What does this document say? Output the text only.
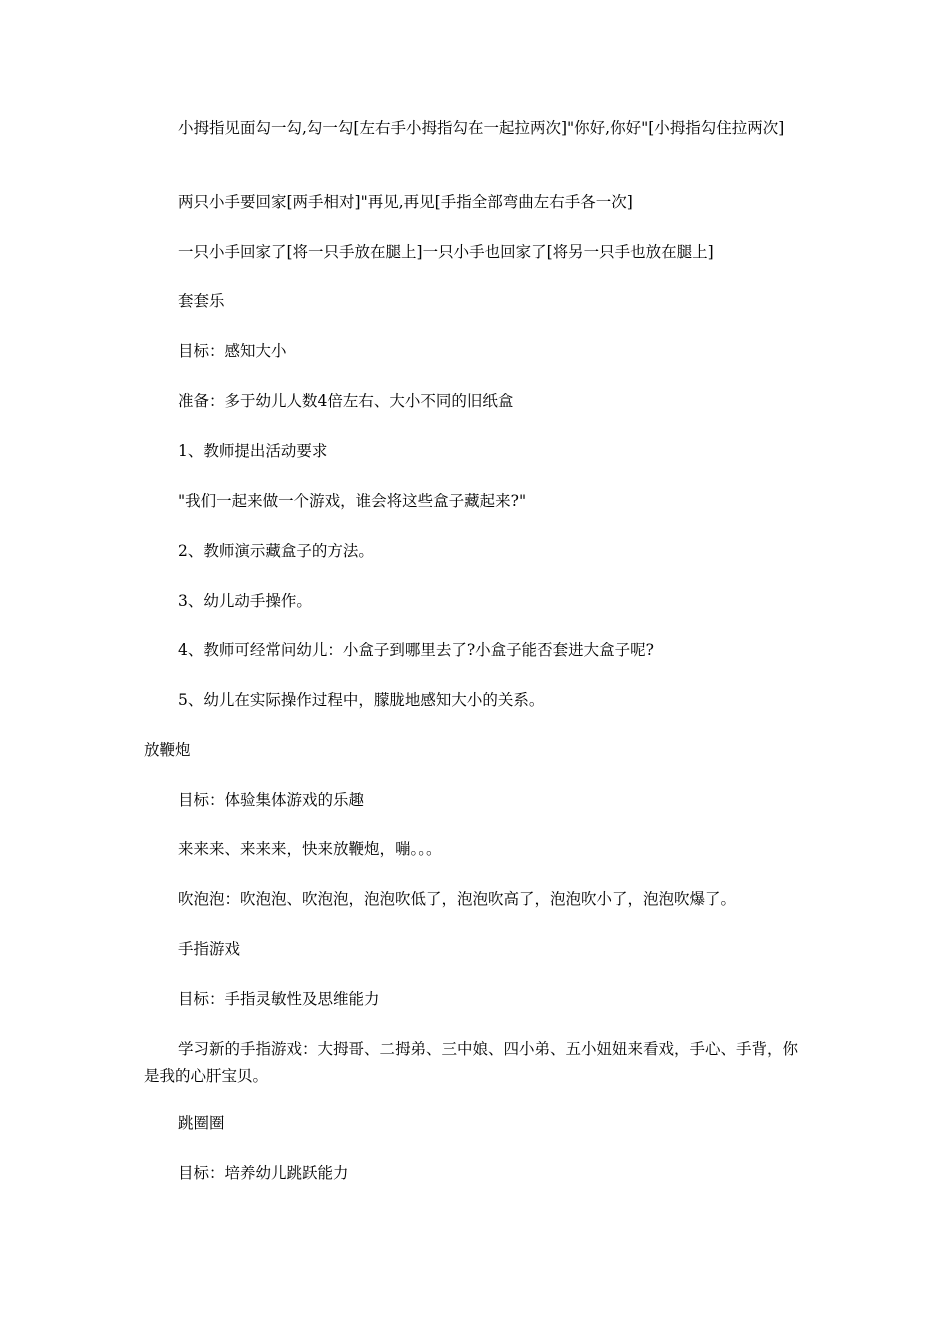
小拇指见面勾一勾,勾一勾[左右手小拇指勾在一起拉两次]"你好,你好"[小拇指勾住拉两次]

两只小手要回家[两手相对]"再见,再见[手指全部弯曲左右手各一次]

一只小手回家了[将一只手放在腿上]一只小手也回家了[将另一只手也放在腿上]

套套乐

目标：感知大小

准备：多于幼儿人数4倍左右、大小不同的旧纸盒

1、教师提出活动要求

"我们一起来做一个游戏，谁会将这些盒子藏起来?"

2、教师演示藏盒子的方法。

3、幼儿动手操作。

4、教师可经常问幼儿：小盒子到哪里去了?小盒子能否套进大盒子呢?

5、幼儿在实际操作过程中，朦胧地感知大小的关系。

放鞭炮

目标：体验集体游戏的乐趣

来来来、来来来，快来放鞭炮，嘣。。。

吹泡泡：吹泡泡、吹泡泡，泡泡吹低了，泡泡吹高了，泡泡吹小了，泡泡吹爆了。

手指游戏

目标：手指灵敏性及思维能力

学习新的手指游戏：大拇哥、二拇弟、三中娘、四小弟、五小妞妞来看戏，手心、手背，你是我的心肝宝贝。

跳圈圈

目标：培养幼儿跳跃能力
